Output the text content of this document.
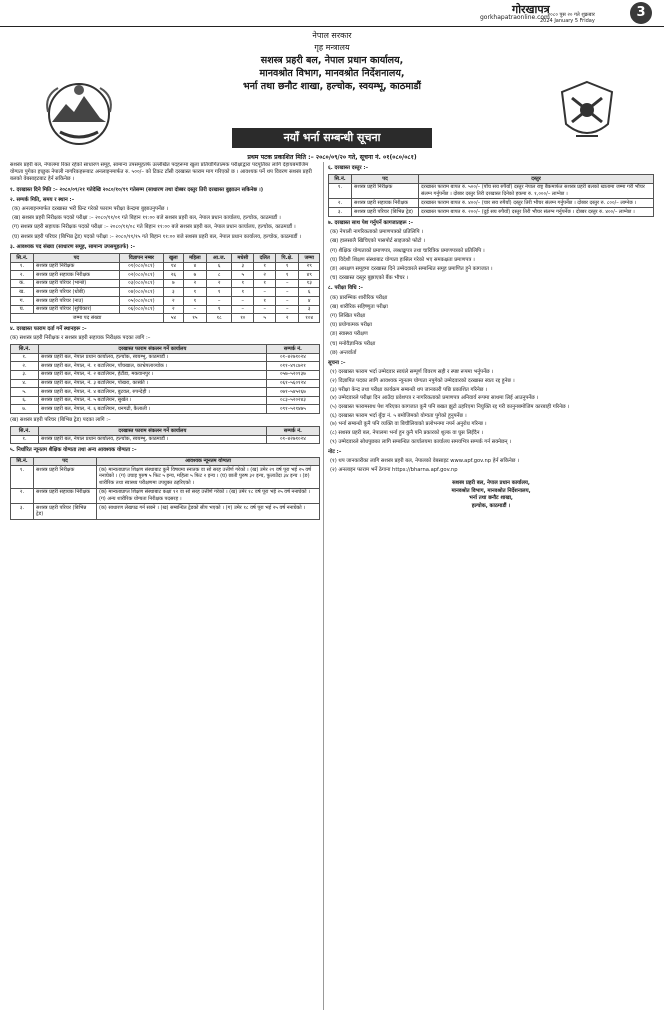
गोरखापत्र
gorkhapatraonline.com
२०८० पुस २० गते शुक्रबार
2024 January 5 Friday
3
नेपाल सरकार
गृह मन्त्रालय
सशस्त्र प्रहरी बल, नेपाल प्रधान कार्यालय,
मानवश्रोत विभाग, मानवश्रोत निर्देशनालय,
भर्ना तथा छनौट शाखा, हल्चोक, स्वयम्भू, काठमाडौं
नयाँ भर्ना सम्बन्धी सूचना
प्रथम पटक प्रकाशित मिति :– २०८०/०९/२० गते, सूचना नं. ०१(०८०/०८१)

सशस्त्र प्रहरी बल, नेपालमा रिक्त रहेको साधारण समूह, सामान्य उपसमूहतर्फ उल्लेखित पदहरूमा खुला प्रतियोगितात्मक परीक्षाद्वारा पदपूर्तिका लागि देहायबमोजिम योग्यता पुगेका इच्छुक नेपाली नागरिकहरूबाट अनलाइनमार्फत रु. ५००/– को टिकट टाँसी दरखास्त फाराम माग गरिएको छ । आवश्यक पर्ने थप विवरण सशस्त्र प्रहरी बलको वेबसाइटबाट हेर्न सकिनेछ ।

१. दरखास्त दिने मिति :– २०८०/०९/२१ गतेदेखि २०८०/१०/१९ गतेसम्म (साधारण तथा दोब्बर दस्तुर तिरी दरखास्त बुझाउन सकिनेछ ।)

२. सम्पर्क मिति, समय र स्थान :–

(क) अनलाइनमार्फत दरखास्त भरी प्रिन्ट गरेको फाराम परीक्षा केन्द्रमा बुझाउनुपर्नेछ ।

(ख) सशस्त्र प्रहरी निरीक्षक पदको परीक्षा :– २०८०/११/०१ गते बिहान ११:०० बजे सशस्त्र प्रहरी बल, नेपाल प्रधान कार्यालय, हल्चोक, काठमाडौं ।

(ग) सशस्त्र प्रहरी सहायक निरीक्षक पदको परीक्षा :– २०८०/११/०८ गते बिहान ११:०० बजे सशस्त्र प्रहरी बल, नेपाल प्रधान कार्यालय, हल्चोक, काठमाडौं ।

(घ) सशस्त्र प्रहरी परिचर (बिभिन्न ट्रेड) पदको परीक्षा :– २०८०/११/१५ गते बिहान ११:०० बजे सशस्त्र प्रहरी बल, नेपाल प्रधान कार्यालय, हल्चोक, काठमाडौं ।

३. आवश्यक पद संख्या (साधारण समूह, सामान्य उपसमूहतर्फ) :–

सि.नं.	पद	विज्ञापन नम्बर	खुला	महिला	आ.ज.	मधेसी	दलित	पि.क्षे.	जम्मा
१.	सशस्त्र प्रहरी निरीक्षक	०१(०८०/०८१)	१४	४	६	३	१	१	२९
२.	सशस्त्र प्रहरी सहायक निरीक्षक	०२(०८०/०८१)	२६	७	८	५	२	१	४९
क.	सशस्त्र प्रहरी परिचर (भान्छे)	०३(०८०/०८१)	७	२	२	१	१	–	१३
ख.	सशस्त्र प्रहरी परिचर (धोबी)	०४(०८०/०८१)	३	१	१	१	–	–	६
ग.	सशस्त्र प्रहरी परिचर (नाउ)	०५(०८०/०८१)	२	१	–	–	१	–	४
घ.	सशस्त्र प्रहरी परिचर (सुचिकार)	०६(०८०/०८१)	२	–	१	–	–	–	३
जम्मा पद संख्या			५४	१५	१८	१०	५	२	१०४

४. दरखास्त फाराम दर्ता गर्ने स्थानहरू :–

(क) सशस्त्र प्रहरी निरीक्षक र सशस्त्र प्रहरी सहायक निरीक्षक पदका लागि :–

सि.नं.	दरखास्त फाराम संकलन गर्ने कार्यालय	सम्पर्क नं.
१.	सशस्त्र प्रहरी बल, नेपाल प्रधान कार्यालय, हल्चोक, स्वयम्भू, काठमाडौं ।	०१–४२७१०२४
२.	सशस्त्र प्रहरी बल, नेपाल, नं. १ बटालियन, पाँचखाल, काभ्रेपलाञ्चोक ।	०११–४९८७२१
३.	सशस्त्र प्रहरी बल, नेपाल, नं. २ बटालियन, हेटौंडा, मकवानपुर ।	०५७–५२०१३७
४.	सशस्त्र प्रहरी बल, नेपाल, नं. ३ बटालियन, पोखरा, कास्की ।	०६१–५६०१२४
५.	सशस्त्र प्रहरी बल, नेपाल, नं. ४ बटालियन, बुटवल, रुपन्देही ।	०७१–५४५२६७
६.	सशस्त्र प्रहरी बल, नेपाल, नं. ५ बटालियन, सुर्खेत ।	०८३–५२०२४३
७.	सशस्त्र प्रहरी बल, नेपाल, नं. ६ बटालियन, धनगढी, कैलाली ।	०९१–५२१४७५

(ख) सशस्त्र प्रहरी परिचर (बिभिन्न ट्रेड) पदका लागि :–

सि.नं.	दरखास्त फाराम संकलन गर्ने कार्यालय	सम्पर्क नं.
१.	सशस्त्र प्रहरी बल, नेपाल प्रधान कार्यालय, हल्चोक, स्वयम्भू, काठमाडौं ।	०१–४२७१०२४

५. निर्धारित न्यूनतम शैक्षिक योग्यता तथा अन्य आवश्यक योग्यता :–

सि.नं.	पद	आवश्यक न्यूनतम योग्यता
१.	सशस्त्र प्रहरी निरीक्षक	(क) मान्यताप्राप्त शिक्षण संस्थाबाट कुनै विषयमा स्नातक वा सो सरह उत्तीर्ण गरेको । (ख) उमेर २१ वर्ष पूरा भई २५ वर्ष ननाघेको । (ग) उचाइ पुरुष ५ फिट ५ इन्च, महिला ५ फिट २ इन्च । (घ) छाती पुरुष ३२ इन्च, फुलाउँदा ३४ इन्च । (ङ) शारीरिक तथा स्वास्थ्य परीक्षणमा उपयुक्त ठहरिएको ।
२.	सशस्त्र प्रहरी सहायक निरीक्षक	(क) मान्यताप्राप्त शिक्षण संस्थाबाट कक्षा १२ वा सो सरह उत्तीर्ण गरेको । (ख) उमेर १८ वर्ष पूरा भई २५ वर्ष ननाघेको । (ग) अन्य शारीरिक योग्यता निरीक्षक पदसरह ।
३.	सशस्त्र प्रहरी परिचर (बिभिन्न ट्रेड)	(क) साधारण लेखपढ गर्न सक्ने । (ख) सम्बन्धित ट्रेडको सीप भएको । (ग) उमेर १८ वर्ष पूरा भई २५ वर्ष ननाघेको ।

६. दरखास्त दस्तुर :–

सि.नं.	पद	दस्तुर
१.	सशस्त्र प्रहरी निरीक्षक	दरखास्त फाराम बापत रु. ५००/– (पाँच सय रुपैयाँ) दस्तुर नेपाल राष्ट्र बैंकमार्फत सशस्त्र प्रहरी बलको खातामा जम्मा गरी भौचर संलग्न गर्नुपर्नेछ । दोब्बर दस्तुर तिरी दरखास्त दिनेको हकमा रु. १,०००/– लाग्नेछ ।
२.	सशस्त्र प्रहरी सहायक निरीक्षक	दरखास्त फाराम बापत रु. ४००/– (चार सय रुपैयाँ) दस्तुर तिरी भौचर संलग्न गर्नुपर्नेछ । दोब्बर दस्तुर रु. ८००/– लाग्नेछ ।
३.	सशस्त्र प्रहरी परिचर (बिभिन्न ट्रेड)	दरखास्त फाराम बापत रु. २००/– (दुई सय रुपैयाँ) दस्तुर तिरी भौचर संलग्न गर्नुपर्नेछ । दोब्बर दस्तुर रु. ४००/– लाग्नेछ ।

७. दरखास्त साथ पेश गर्नुपर्ने कागजातहरू :–

(क) नेपाली नागरिकताको प्रमाणपत्रको प्रतिलिपि ।

(ख) हालसालै खिचिएको पासपोर्ट साइजको फोटो ।

(ग) शैक्षिक योग्यताको प्रमाणपत्र, लब्धाङ्कपत्र तथा चारित्रिक प्रमाणपत्रको प्रतिलिपि ।

(घ) विदेशी शिक्षण संस्थाबाट योग्यता हासिल गरेको भए समकक्षता प्रमाणपत्र ।

(ङ) आरक्षण समूहमा दरखास्त दिने उम्मेदवारले सम्बन्धित समूह प्रमाणित हुने कागजात ।

(च) दरखास्त दस्तुर बुझाएको बैंक भौचर ।

८. परीक्षा विधि :–

(क) प्रारम्भिक शारीरिक परीक्षा

(ख) शारीरिक सहिष्णुता परीक्षा

(ग) लिखित परीक्षा

(घ) प्रयोगात्मक परीक्षा

(ङ) स्वास्थ्य परीक्षण

(च) मनोवैज्ञानिक परीक्षा

(छ) अन्तर्वार्ता

सूचना :–

(१) दरखास्त फाराम भर्दा उम्मेदवार स्वयंले सम्पूर्ण विवरण सही र स्पष्ट रूपमा भर्नुपर्नेछ ।

(२) विज्ञापित पदका लागि आवश्यक न्यूनतम योग्यता नपुगेको उम्मेदवारको दरखास्त स्वतः रद्द हुनेछ ।

(३) परीक्षा केन्द्र तथा परीक्षा कार्यक्रम सम्बन्धी थप जानकारी पछि प्रकाशित गरिनेछ ।

(४) उम्मेदवारले परीक्षा दिन आउँदा प्रवेशपत्र र नागरिकताको प्रमाणपत्र अनिवार्य रूपमा साथमा लिई आउनुपर्नेछ ।

(५) दरखास्त फारामसाथ पेश गरिएका कागजात कुनै पनि बखत झुटो ठहरिएमा नियुक्ति रद्द गरी कानुनबमोजिम कारबाही गरिनेछ ।

(६) दरखास्त फाराम भर्दा बुँदा नं. ५ बमोजिमको योग्यता पुगेको हुनुपर्नेछ ।

(७) भर्ना सम्बन्धी कुनै पनि व्यक्ति वा बिचौलियाको प्रलोभनमा नपर्न अनुरोध गरिन्छ ।

(८) सशस्त्र प्रहरी बल, नेपालमा भर्ना हुन कुनै पनि प्रकारको शुल्क वा घुस लिइँदैन ।

(९) उम्मेदवारले सोधपुछका लागि सम्बन्धित कार्यालयमा कार्यालय समयभित्र सम्पर्क गर्न सक्नेछन् ।

नोट :–

(१) थप जानकारीका लागि सशस्त्र प्रहरी बल, नेपालको वेबसाइट www.apf.gov.np हेर्न सकिनेछ ।

(२) अनलाइन फाराम भर्ने ठेगाना https://bharna.apf.gov.np

सशस्त्र प्रहरी बल, नेपाल प्रधान कार्यालय,
मानवश्रोत विभाग, मानवश्रोत निर्देशनालय,
भर्ना तथा छनौट शाखा,
हल्चोक, काठमाडौं ।
